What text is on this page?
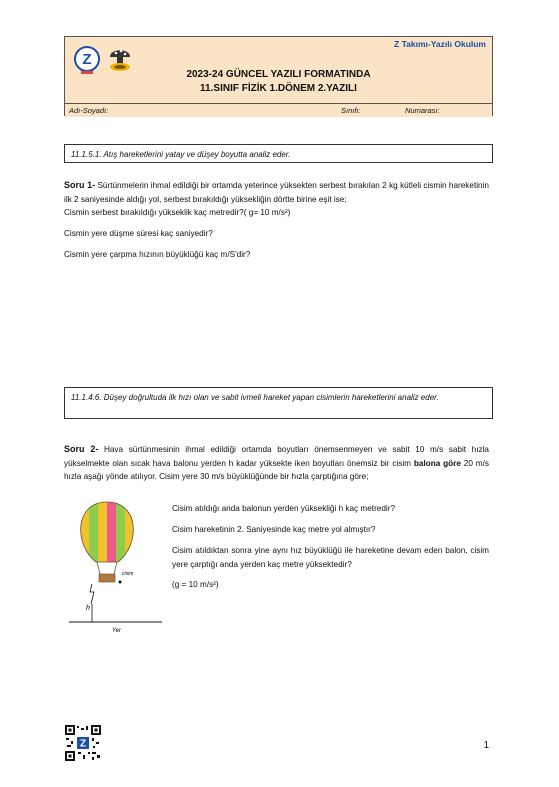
Z Takımı-Yazılı Okulum
Z
2023-24 GÜNCEL YAZILI FORMATINDA
11.SINIF FİZİK 1.DÖNEM 2.YAZILI
Adı-Soyadı:	Sınıfı:	Numarası:
11.1.5.1. Atış hareketlerini yatay ve düşey boyutta analiz eder.
Soru 1- Sürtünmelerin ihmal edildiği bir ortamda yeterince yüksekten serbest bırakılan 2 kg kütleli cismin hareketinin ilk 2 saniyesinde aldığı yol, serbest bırakıldığı yüksekliğin dörtte birine eşit ise;
Cismin serbest bırakıldığı yükseklik kaç metredir?( g= 10 m/s²)
Cismin yere düşme süresi kaç saniyedir?
Cismin yere çarpma hızının büyüklüğü kaç m/S'dir?
11.1.4.6. Düşey doğrultuda ilk hızı olan ve sabit ivmeli hareket yapan cisimlerin hareketlerini analiz eder.
Soru 2- Hava sürtünmesinin ihmal edildiği ortamda boyutları önemsenmeyen ve sabit 10 m/s sabit hızla yükselmekte olan sıcak hava balonu yerden h kadar yüksekte iken boyutları önemsiz bir cisim balona göre 20 m/s hızla aşağı yönde atılıyor. Cisim yere 30 m/s büyüklüğünde bir hızla çarptığına göre;
cisim
h
Yer
Cisim atıldığı anda balonun yerden yüksekliği h kaç metredir?
Cisim hareketinin 2. Saniyesinde kaç metre yol almıştır?
Cisim atıldıktan sonra yine aynı hız büyüklüğü ile hareketine devam eden balon, cisim yere çarptığı anda yerden kaç metre yüksektedir?
(g = 10 m/s²)
Z	1
